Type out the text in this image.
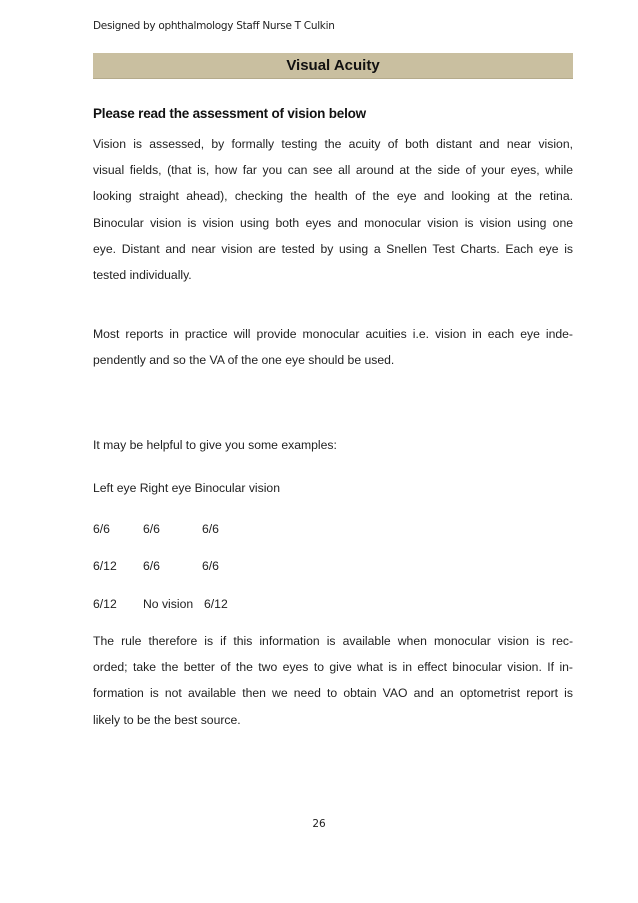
Designed by ophthalmology Staff Nurse T Culkin
Visual Acuity
Please read the assessment of vision below
Vision is assessed, by formally testing the acuity of both distant and near vision,
visual fields, (that is, how far you can see all around at the side of your eyes, while
looking straight ahead), checking the health of the eye and looking at the retina.
Binocular vision is vision using both eyes and monocular vision is vision using one
eye. Distant and near vision are tested by using a Snellen Test Charts. Each eye is
tested individually.
Most reports in practice will provide monocular acuities i.e. vision in each eye inde-
pendently and so the VA of the one eye should be used.
It may be helpful to give you some examples:
Left eye Right eye Binocular vision
6/6	6/6	6/6
6/12 6/6	6/6
6/12 No vision 6/12
The rule therefore is if this information is available when monocular vision is rec-
orded; take the better of the two eyes to give what is in effect binocular vision. If in-
formation is not available then we need to obtain VAO and an optometrist report is
likely to be the best source.
26
